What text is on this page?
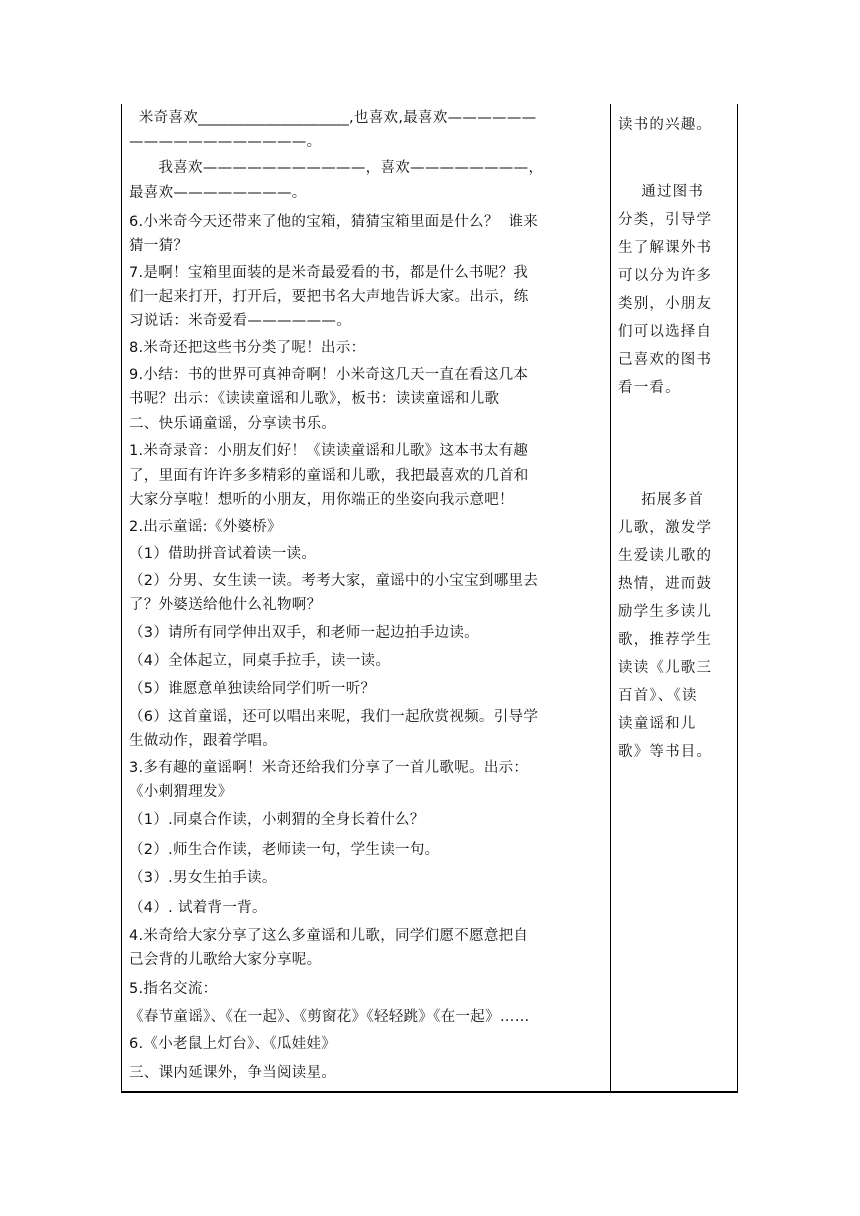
米奇喜欢____________________,也喜欢,最喜欢——————

————————————。

我喜欢———————————，喜欢————————，

最喜欢————————。

6.小米奇今天还带来了他的宝箱，猜猜宝箱里面是什么？  谁来

猜一猜？

7.是啊！宝箱里面装的是米奇最爱看的书，都是什么书呢？我

们一起来打开，打开后，要把书名大声地告诉大家。出示，练

习说话：米奇爱看——————。

8.米奇还把这些书分类了呢！出示：

9.小结：书的世界可真神奇啊！小米奇这几天一直在看这几本

书呢？出示：《读读童谣和儿歌》，板书：读读童谣和儿歌

二、快乐诵童谣，分享读书乐。

1.米奇录音：小朋友们好！《读读童谣和儿歌》这本书太有趣

了，里面有许许多多精彩的童谣和儿歌，我把最喜欢的几首和

大家分享啦！想听的小朋友，用你端正的坐姿向我示意吧！

2.出示童谣:《外婆桥》

（1）借助拼音试着读一读。

（2）分男、女生读一读。考考大家，童谣中的小宝宝到哪里去

了？外婆送给他什么礼物啊？

（3）请所有同学伸出双手，和老师一起边拍手边读。

（4）全体起立，同桌手拉手，读一读。

（5）谁愿意单独读给同学们听一听？

（6）这首童谣，还可以唱出来呢，我们一起欣赏视频。引导学

生做动作，跟着学唱。

3.多有趣的童谣啊！米奇还给我们分享了一首儿歌呢。出示：

《小刺猬理发》

（1）.同桌合作读，小刺猬的全身长着什么？

（2）.师生合作读，老师读一句，学生读一句。

（3）.男女生拍手读。

（4）. 试着背一背。

4.米奇给大家分享了这么多童谣和儿歌，同学们愿不愿意把自

己会背的儿歌给大家分享呢。

5.指名交流：

《春节童谣》、《在一起》、《剪窗花》《轻轻跳》《在一起》……

6.《小老鼠上灯台》、《瓜娃娃》

三、课内延课外，争当阅读星。

读书的兴趣。

通过图书

分类，引导学

生了解课外书

可以分为许多

类别，小朋友

们可以选择自

己喜欢的图书

看一看。

拓展多首

儿歌，激发学

生爱读儿歌的

热情，进而鼓

励学生多读儿

歌，推荐学生

读读《儿歌三

百首》、《读

读童谣和儿

歌》等书目。
